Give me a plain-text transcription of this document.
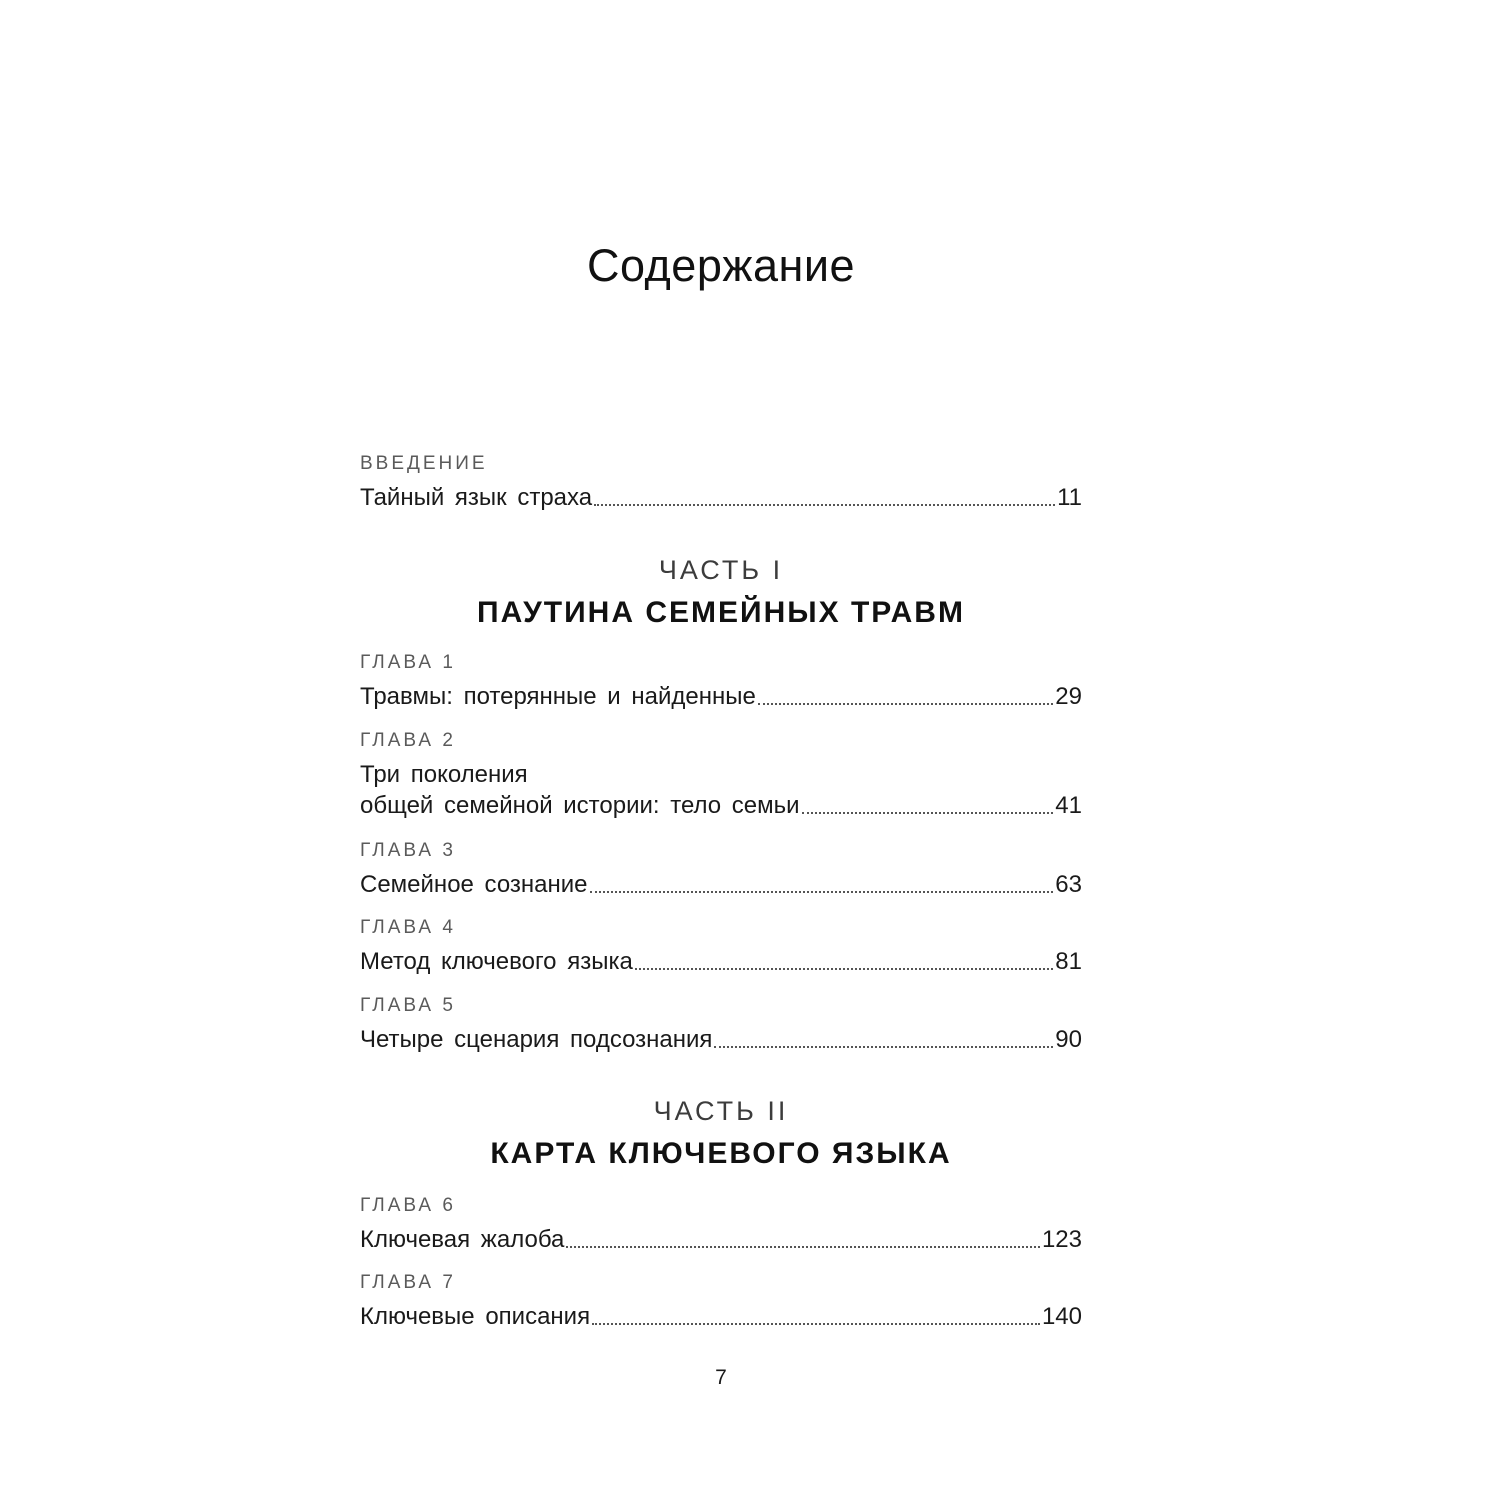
Содержание
ВВЕДЕНИЕ
Тайный язык страха	11
ГЛАВА 1
Травмы: потерянные и найденные	29
ГЛАВА 2
Три поколения
общей семейной истории: тело семьи	41
ГЛАВА 3
Семейное сознание	63
ГЛАВА 4
Метод ключевого языка	81
ГЛАВА 5
Четыре сценария подсознания	90
ГЛАВА 6
Ключевая жалоба	123
ГЛАВА 7
Ключевые описания	140
ЧАСТЬ I
ПАУТИНА СЕМЕЙНЫХ ТРАВМ
ЧАСТЬ II
КАРТА КЛЮЧЕВОГО ЯЗЫКА
7
